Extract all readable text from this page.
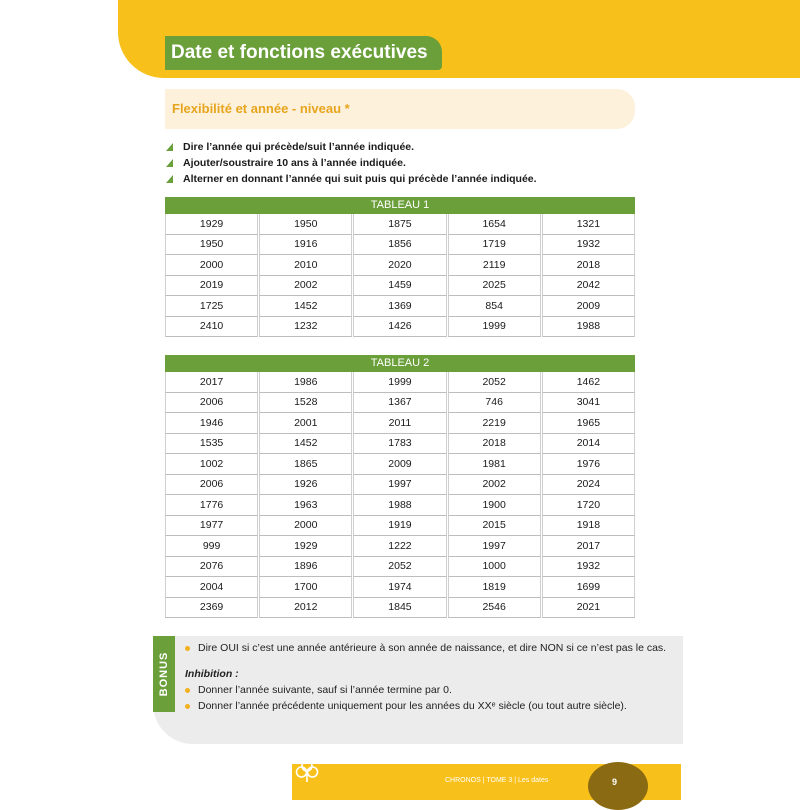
Date et fonctions exécutives
Flexibilité et année - niveau *
Dire l’année qui précède/suit l’année indiquée.
Ajouter/soustraire 10 ans à l’année indiquée.
Alterner en donnant l’année qui suit puis qui précède l’année indiquée.
TABLEAU 1
1929	1950	1875	1654	1321
1950	1916	1856	1719	1932
2000	2010	2020	2119	2018
2019	2002	1459	2025	2042
1725	1452	1369	854	2009
2410	1232	1426	1999	1988
TABLEAU 2
2017	1986	1999	2052	1462
2006	1528	1367	746	3041
1946	2001	2011	2219	1965
1535	1452	1783	2018	2014
1002	1865	2009	1981	1976
2006	1926	1997	2002	2024
1776	1963	1988	1900	1720
1977	2000	1919	2015	1918
999	1929	1222	1997	2017
2076	1896	2052	1000	1932
2004	1700	1974	1819	1699
2369	2012	1845	2546	2021
BONUS
Dire OUI si c’est une année antérieure à son année de naissance, et dire NON si ce n’est pas le cas.
Inhibition :
Donner l’année suivante, sauf si l’année termine par 0.
Donner l’année précédente uniquement pour les années du XXᵉ siècle (ou tout autre siècle).
CHRONOS | TOME 3 | Les dates	9
